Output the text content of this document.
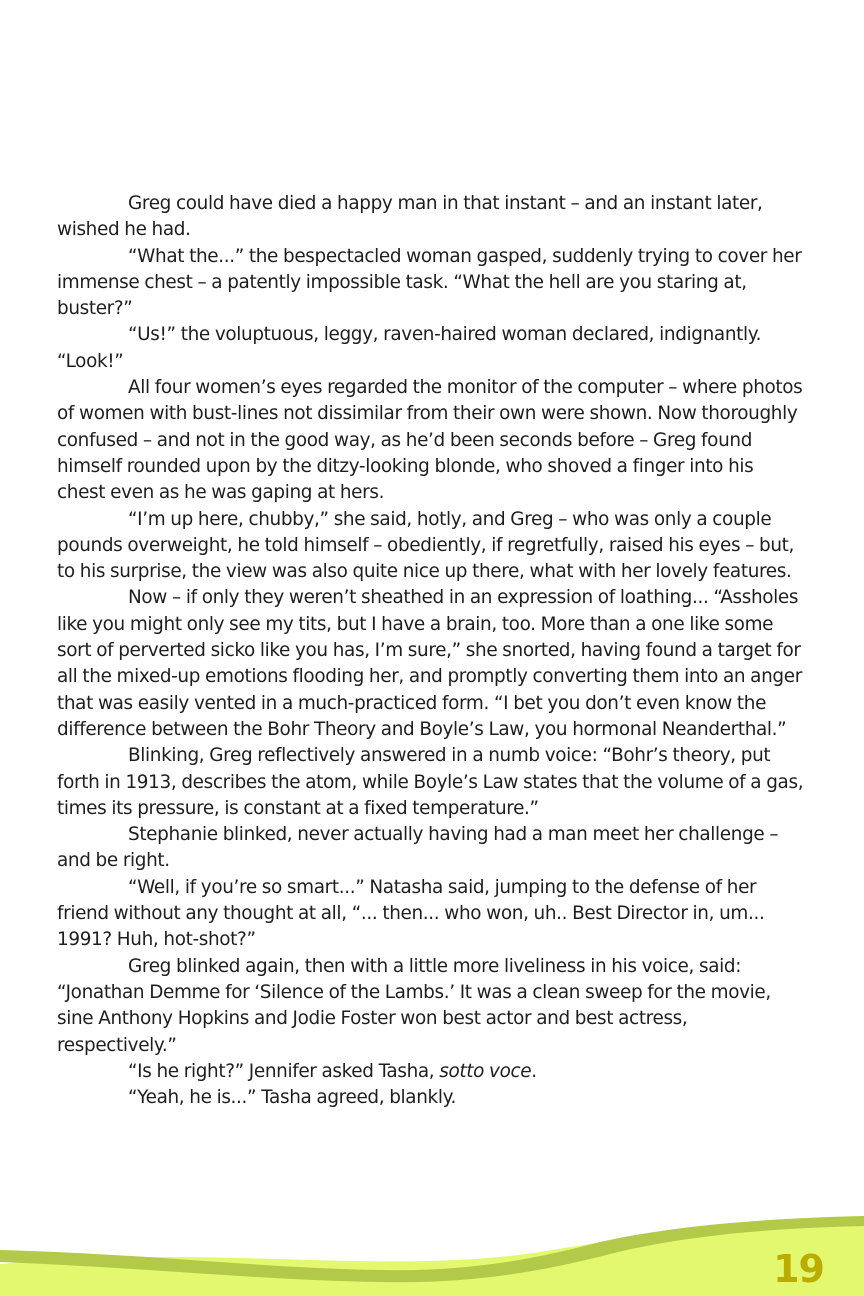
Greg could have died a happy man in that instant – and an instant later, wished he had.

“What the...” the bespectacled woman gasped, suddenly trying to cover her immense chest – a patently impossible task. “What the hell are you staring at, buster?”

“Us!” the voluptuous, leggy, raven-haired woman declared, indignantly. “Look!”

All four women’s eyes regarded the monitor of the computer – where photos of women with bust-lines not dissimilar from their own were shown. Now thoroughly confused – and not in the good way, as he’d been seconds before – Greg found himself rounded upon by the ditzy-looking blonde, who shoved a finger into his chest even as he was gaping at hers.

“I’m up here, chubby,” she said, hotly, and Greg – who was only a couple pounds overweight, he told himself – obediently, if regretfully, raised his eyes – but, to his surprise, the view was also quite nice up there, what with her lovely features.

Now – if only they weren’t sheathed in an expression of loathing... “Assholes like you might only see my tits, but I have a brain, too. More than a one like some sort of perverted sicko like you has, I’m sure,” she snorted, having found a target for all the mixed-up emotions flooding her, and promptly converting them into an anger that was easily vented in a much-practiced form. “I bet you don’t even know the difference between the Bohr Theory and Boyle’s Law, you hormonal Neanderthal.”

Blinking, Greg reflectively answered in a numb voice: “Bohr’s theory, put forth in 1913, describes the atom, while Boyle’s Law states that the volume of a gas, times its pressure, is constant at a fixed temperature.”

Stephanie blinked, never actually having had a man meet her challenge – and be right.

“Well, if you’re so smart...” Natasha said, jumping to the defense of her friend without any thought at all, “... then... who won, uh.. Best Director in, um... 1991? Huh, hot-shot?”

Greg blinked again, then with a little more liveliness in his voice, said: “Jonathan Demme for ‘Silence of the Lambs.’ It was a clean sweep for the movie, sine Anthony Hopkins and Jodie Foster won best actor and best actress, respectively.”

“Is he right?” Jennifer asked Tasha, sotto voce.

“Yeah, he is...” Tasha agreed, blankly.

19
